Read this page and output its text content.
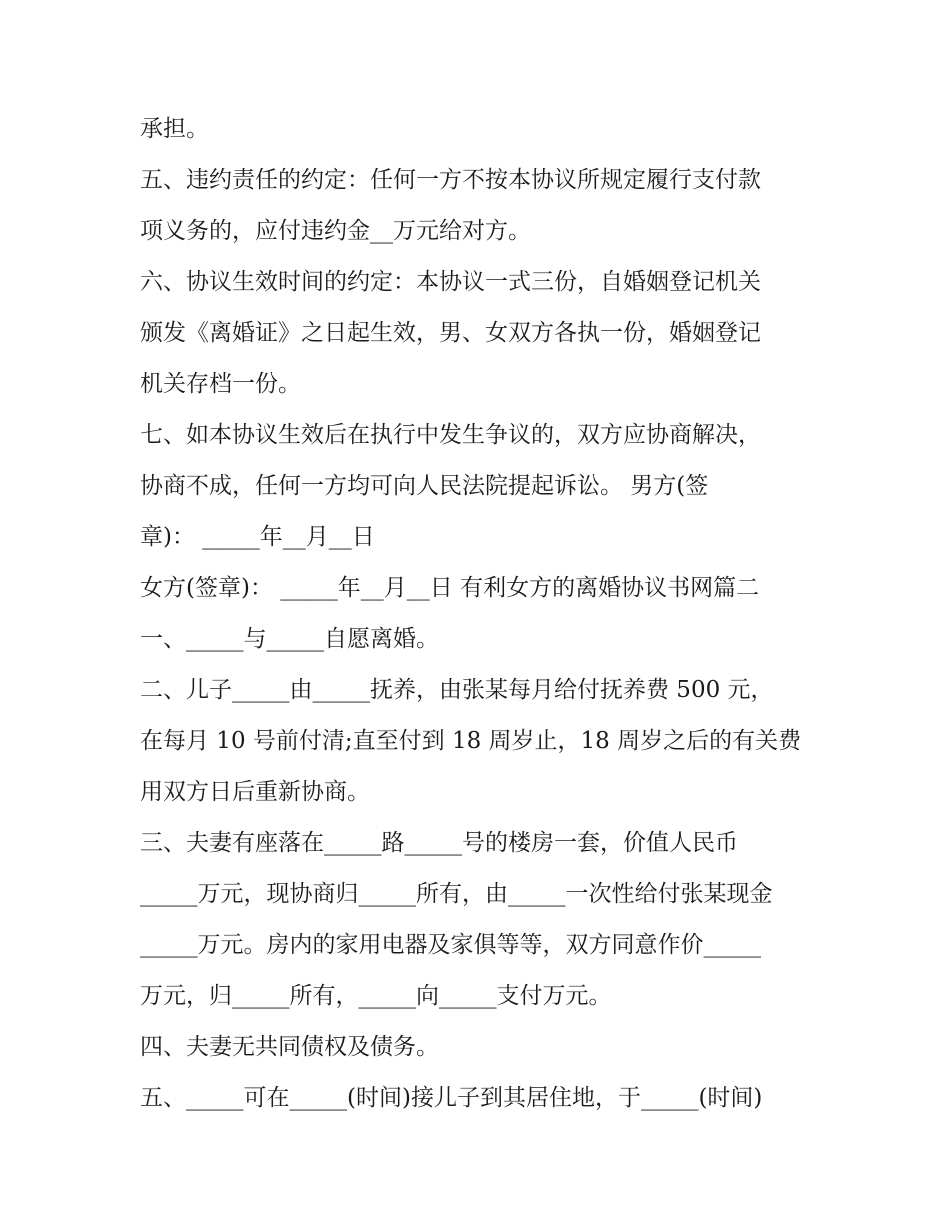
承担。
五、违约责任的约定：任何一方不按本协议所规定履行支付款
项义务的，应付违约金__万元给对方。
六、协议生效时间的约定：本协议一式三份，自婚姻登记机关
颁发《离婚证》之日起生效，男、女双方各执一份，婚姻登记
机关存档一份。
七、如本协议生效后在执行中发生争议的，双方应协商解决，
协商不成，任何一方均可向人民法院提起诉讼。 男方(签
章)： _____年__月__日
女方(签章)： _____年__月__日 有利女方的离婚协议书网篇二
一、_____与_____自愿离婚。
二、儿子_____由_____抚养，由张某每月给付抚养费 500 元，
在每月 10 号前付清;直至付到 18 周岁止，18 周岁之后的有关费
用双方日后重新协商。
三、夫妻有座落在_____路_____号的楼房一套，价值人民币
_____万元，现协商归_____所有，由_____一次性给付张某现金
_____万元。房内的家用电器及家俱等等，双方同意作价_____
万元，归_____所有，_____向_____支付万元。
四、夫妻无共同债权及债务。
五、_____可在_____(时间)接儿子到其居住地，于_____(时间)
